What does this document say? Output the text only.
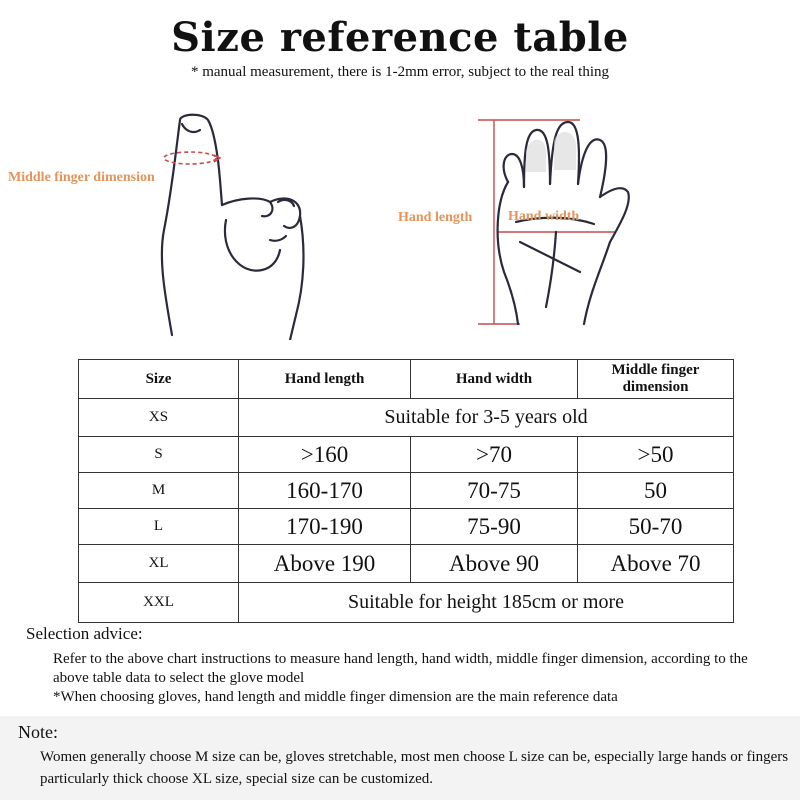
Size reference table
* manual measurement, there is 1-2mm error, subject to the real thing
Middle finger dimension
Hand length	Hand width
Size	Hand length	Hand width	Middle finger dimension
XS	Suitable for 3-5 years old		
S	>160	>70	>50
M	160-170	70-75	50
L	170-190	75-90	50-70
XL	Above 190	Above 90	Above 70
XXL	Suitable for height 185cm or more		
Selection advice:
Refer to the above chart instructions to measure hand length, hand width, middle finger dimension, according to the above table data to select the glove model
*When choosing gloves, hand length and middle finger dimension are the main reference data
Note:
Women generally choose M size can be, gloves stretchable, most men choose L size can be, especially large hands or fingers particularly thick choose XL size, special size can be customized.
